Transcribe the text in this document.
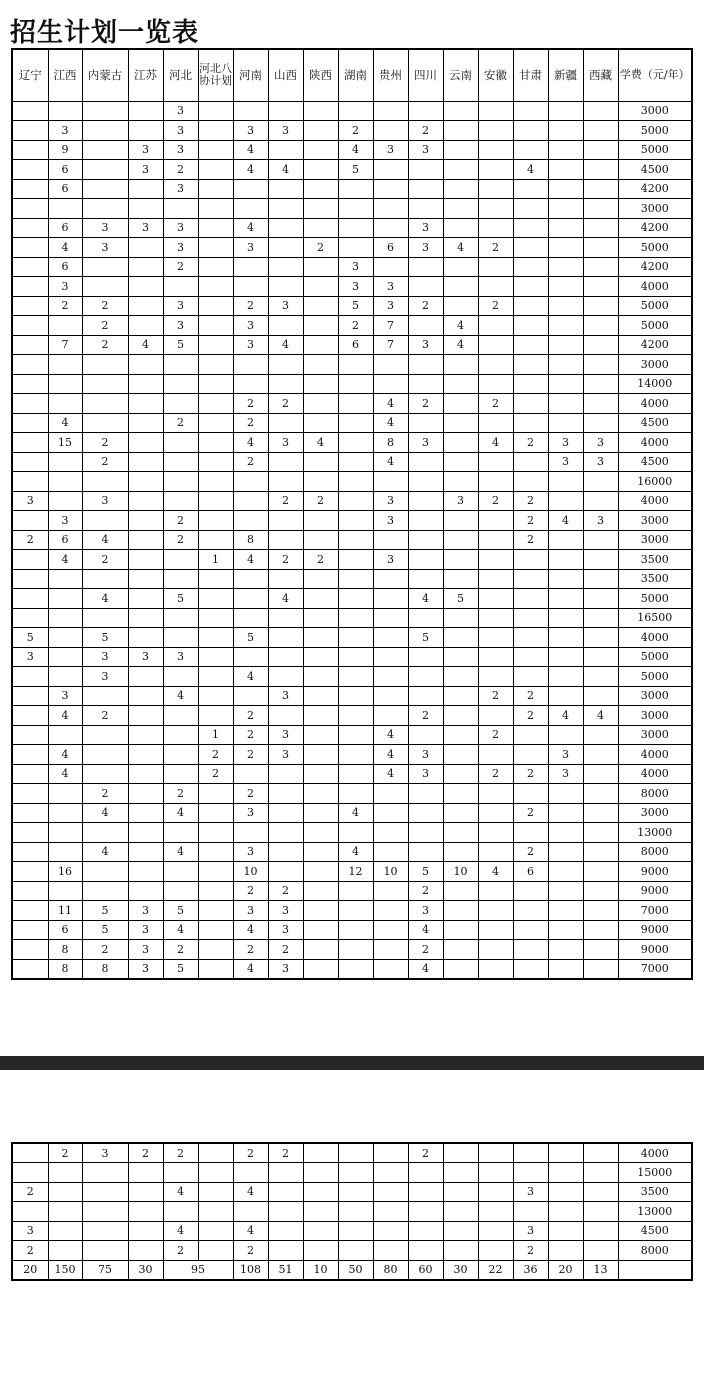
招生计划一览表
辽宁	江西	内蒙古	江苏	河北	河北八协计划	河南	山西	陕西	湖南	贵州	四川	云南	安徽	甘肃	新疆	西藏	学费（元/年）
				3													3000
	3			3		3	3		2		2						5000
	9		3	3		4			4	3	3						5000
	6		3	2		4	4		5					4			4500
	6			3													4200
																	3000
	6	3	3	3		4					3						4200
	4	3		3		3		2		6	3	4	2				5000
	6			2					3								4200
	3								3	3							4000
	2	2		3		2	3		5	3	2		2				5000
		2		3		3			2	7		4					5000
	7	2	4	5		3	4		6	7	3	4					4200
																	3000
																	14000
						2	2			4	2		2				4000
	4			2		2				4							4500
	15	2				4	3	4		8	3		4	2	3	3	4000
		2				2				4					3	3	4500
																	16000
3		3					2	2		3		3	2	2			4000
	3			2						3				2	4	3	3000
2	6	4		2		8								2			3000
	4	2			1	4	2	2		3							3500
																	3500
		4		5			4				4	5					5000
																	16500
5		5				5					5						4000
3		3	3	3													5000
		3				4											5000
	3			4			3						2	2			3000
	4	2				2					2			2	4	4	3000
					1	2	3			4			2				3000
	4				2	2	3			4	3				3		4000
	4				2					4	3		2	2	3		4000
		2		2		2											8000
		4		4		3			4					2			3000
																	13000
		4		4		3			4					2			8000
	16					10			12	10	5	10	4	6			9000
						2	2				2						9000
	11	5	3	5		3	3				3						7000
	6	5	3	4		4	3				4						9000
	8	2	3	2		2	2				2						9000
	8	8	3	5		4	3				4						7000
	2	3	2	2		2	2				2						4000
																	15000
2				4		4								3			3500
																	13000
3				4		4								3			4500
2				2		2								2			8000
20	150	75	30	95		108	51	10	50	80	60	30	22	36	20	13	
